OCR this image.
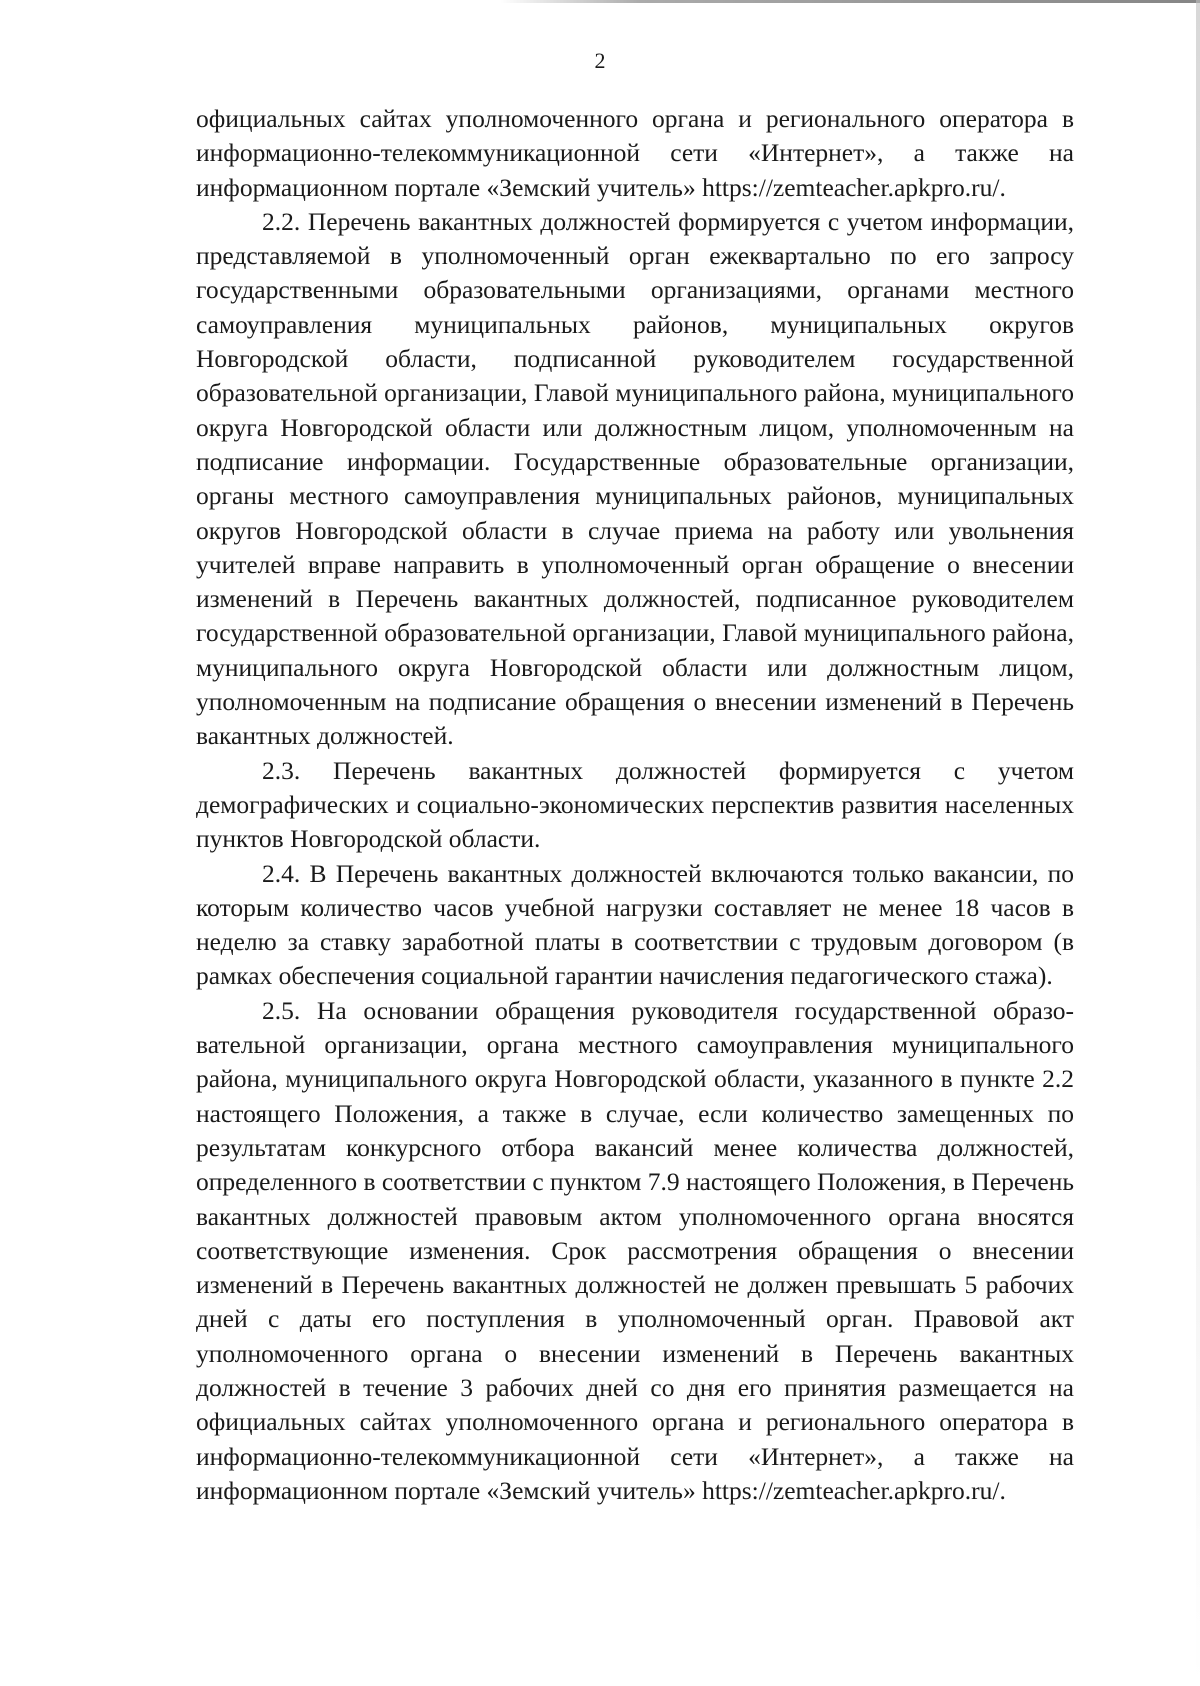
2

официальных сайтах уполномоченного органа и регионального оператора в информационно-телекоммуникационной сети «Интернет», а также на информационном портале «Земский учитель» https://zemteacher.apkpro.ru/.

2.2. Перечень вакантных должностей формируется с учетом информации, представляемой в уполномоченный орган ежеквартально по его запросу государственными образовательными организациями, органами местного самоуправления муниципальных районов, муниципальных округов Новгородской области, подписанной руководителем государственной образовательной организации, Главой муниципального района, муниципального округа Новгородской области или должностным лицом, уполномоченным на подписание информации. Государственные образовательные организации, органы местного самоуправления муниципальных районов, муниципальных округов Новгородской области в случае приема на работу или увольнения учителей вправе направить в уполномоченный орган обращение о внесении изменений в Перечень вакантных должностей, подписанное руководителем государственной образовательной организации, Главой муниципального района, муниципального округа Новгородской области или должностным лицом, уполномоченным на подписание обращения о внесении изменений в Перечень вакантных должностей.

2.3. Перечень вакантных должностей формируется с учетом демографических и социально-экономических перспектив развития населенных пунктов Новгородской области.

2.4. В Перечень вакантных должностей включаются только вакансии, по которым количество часов учебной нагрузки составляет не менее 18 часов в неделю за ставку заработной платы в соответствии с трудовым договором (в рамках обеспечения социальной гарантии начисления педагогического стажа).

2.5. На основании обращения руководителя государственной образовательной организации, органа местного самоуправления муниципального района, муниципального округа Новгородской области, указанного в пункте 2.2 настоящего Положения, а также в случае, если количество замещенных по результатам конкурсного отбора вакансий менее количества должностей, определенного в соответствии с пунктом 7.9 настоящего Положения, в Перечень вакантных должностей правовым актом уполномоченного органа вносятся соответствующие изменения. Срок рассмотрения обращения о внесении изменений в Перечень вакантных должностей не должен превышать 5 рабочих дней с даты его поступления в уполномоченный орган. Правовой акт уполномоченного органа о внесении изменений в Перечень вакантных должностей в течение 3 рабочих дней со дня его принятия размещается на официальных сайтах уполномоченного органа и регионального оператора в информационно-телекоммуникационной сети «Интернет», а также на информационном портале «Земский учитель» https://zemteacher.apkpro.ru/.
